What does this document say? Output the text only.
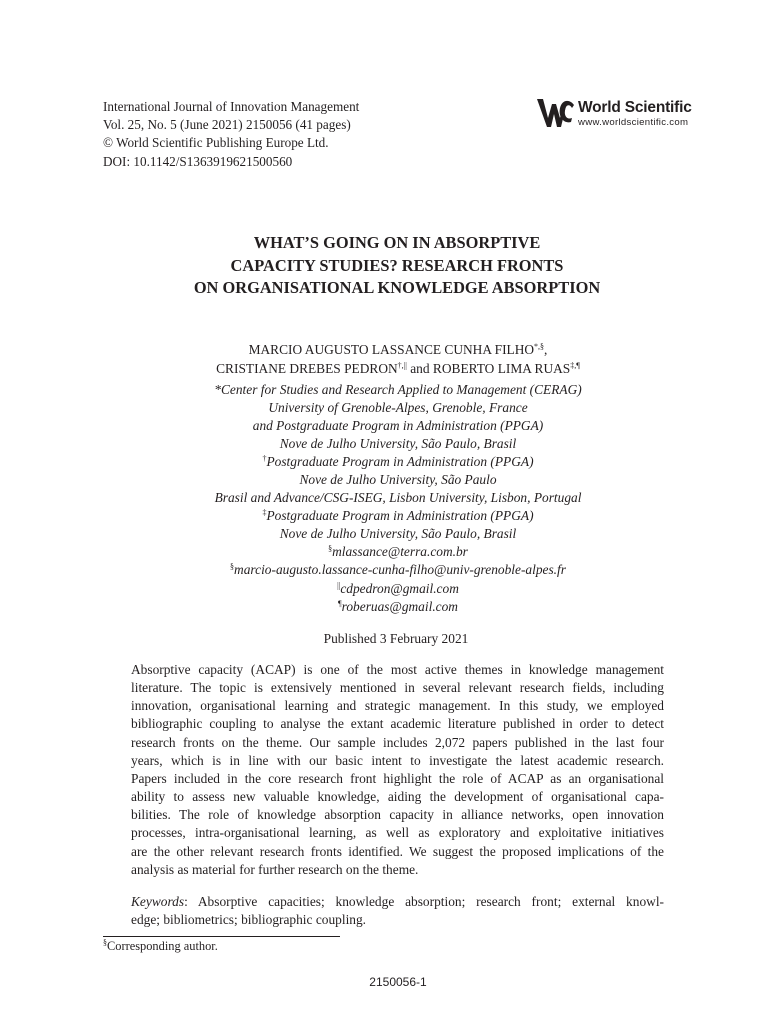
International Journal of Innovation Management
Vol. 25, No. 5 (June 2021) 2150056 (41 pages)
© World Scientific Publishing Europe Ltd.
DOI: 10.1142/S1363919621500560
World Scientific
www.worldscientific.com
WHAT’S GOING ON IN ABSORPTIVE
CAPACITY STUDIES? RESEARCH FRONTS
ON ORGANISATIONAL KNOWLEDGE ABSORPTION
MARCIO AUGUSTO LASSANCE CUNHA FILHO*,§,
CRISTIANE DREBES PEDRON†,|| and ROBERTO LIMA RUAS‡,¶
*Center for Studies and Research Applied to Management (CERAG)
University of Grenoble-Alpes, Grenoble, France
and Postgraduate Program in Administration (PPGA)
Nove de Julho University, São Paulo, Brasil
†Postgraduate Program in Administration (PPGA)
Nove de Julho University, São Paulo
Brasil and Advance/CSG-ISEG, Lisbon University, Lisbon, Portugal
‡Postgraduate Program in Administration (PPGA)
Nove de Julho University, São Paulo, Brasil
§mlassance@terra.com.br
§marcio-augusto.lassance-cunha-filho@univ-grenoble-alpes.fr
||cdpedron@gmail.com
¶roberuas@gmail.com
Published 3 February 2021
Absorptive capacity (ACAP) is one of the most active themes in knowledge management
literature. The topic is extensively mentioned in several relevant research fields, including
innovation, organisational learning and strategic management. In this study, we employed
bibliographic coupling to analyse the extant academic literature published in order to detect
research fronts on the theme. Our sample includes 2,072 papers published in the last four
years, which is in line with our basic intent to investigate the latest academic research.
Papers included in the core research front highlight the role of ACAP as an organisational
ability to assess new valuable knowledge, aiding the development of organisational capa-
bilities. The role of knowledge absorption capacity in alliance networks, open innovation
processes, intra-organisational learning, as well as exploratory and exploitative initiatives
are the other relevant research fronts identified. We suggest the proposed implications of the
analysis as material for further research on the theme.
Keywords: Absorptive capacities; knowledge absorption; research front; external knowl-
edge; bibliometrics; bibliographic coupling.
§Corresponding author.
2150056-1
